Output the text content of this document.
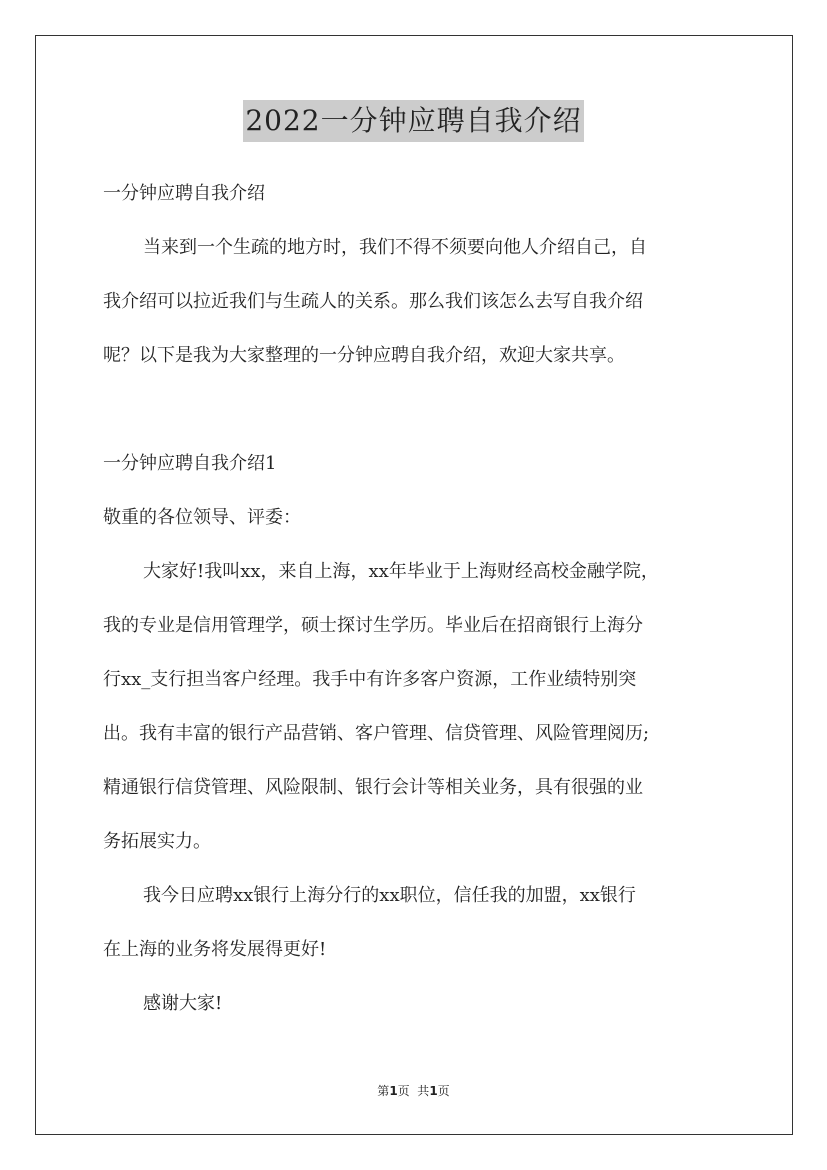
2022一分钟应聘自我介绍
一分钟应聘自我介绍
当来到一个生疏的地方时，我们不得不须要向他人介绍自己，自
我介绍可以拉近我们与生疏人的关系。那么我们该怎么去写自我介绍
呢？以下是我为大家整理的一分钟应聘自我介绍，欢迎大家共享。
一分钟应聘自我介绍1
敬重的各位领导、评委：
大家好!我叫xx，来自上海，xx年毕业于上海财经高校金融学院，
我的专业是信用管理学，硕士探讨生学历。毕业后在招商银行上海分
行xx_支行担当客户经理。我手中有许多客户资源，工作业绩特别突
出。我有丰富的银行产品营销、客户管理、信贷管理、风险管理阅历;
精通银行信贷管理、风险限制、银行会计等相关业务，具有很强的业
务拓展实力。
我今日应聘xx银行上海分行的xx职位，信任我的加盟，xx银行
在上海的业务将发展得更好!
感谢大家!
第1页  共1页
